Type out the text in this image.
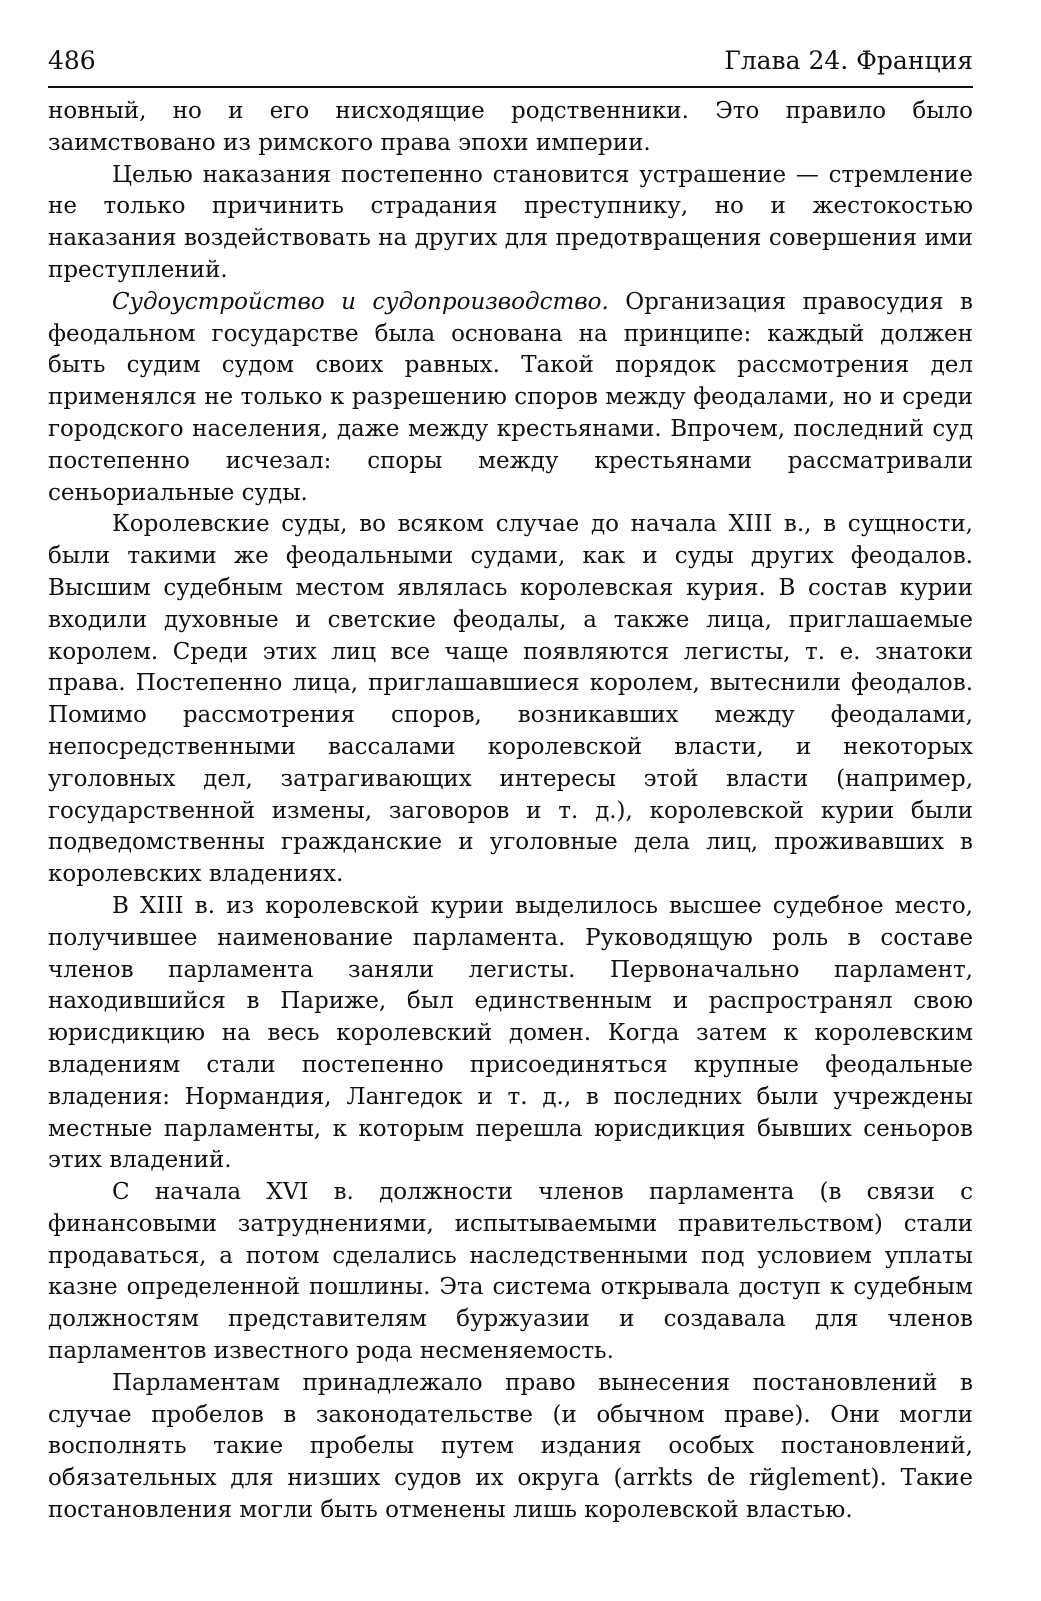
486	Глава 24. Франция

новный, но и его нисходящие родственники. Это правило было заимствовано из римского права эпохи империи.

Целью наказания постепенно становится устрашение — стремление не только причинить страдания преступнику, но и жестокостью наказания воздействовать на других для предотвращения совершения ими преступлений.

Судоустройство и судопроизводство. Организация правосудия в феодальном государстве была основана на принципе: каждый должен быть судим судом своих равных. Такой порядок рассмотрения дел применялся не только к разрешению споров между феодалами, но и среди городского населения, даже между крестьянами. Впрочем, последний суд постепенно исчезал: споры между крестьянами рассматривали сеньориальные суды.

Королевские суды, во всяком случае до начала XIII в., в сущности, были такими же феодальными судами, как и суды других феодалов. Высшим судебным местом являлась королевская курия. В состав курии входили духовные и светские феодалы, а также лица, приглашаемые королем. Среди этих лиц все чаще появляются легисты, т. е. знатоки права. Постепенно лица, приглашавшиеся королем, вытеснили феодалов. Помимо рассмотрения споров, возникавших между феодалами, непосредственными вассалами королевской власти, и некоторых уголовных дел, затрагивающих интересы этой власти (например, государственной измены, заговоров и т. д.), королевской курии были подведомственны гражданские и уголовные дела лиц, проживавших в королевских владениях.

В XIII в. из королевской курии выделилось высшее судебное место, получившее наименование парламента. Руководящую роль в составе членов парламента заняли легисты. Первоначально парламент, находившийся в Париже, был единственным и распространял свою юрисдикцию на весь королевский домен. Когда затем к королевским владениям стали постепенно присоединяться крупные феодальные владения: Нормандия, Лангедок и т. д., в последних были учреждены местные парламенты, к которым перешла юрисдикция бывших сеньоров этих владений.

С начала XVI в. должности членов парламента (в связи с финансовыми затруднениями, испытываемыми правительством) стали продаваться, а потом сделались наследственными под условием уплаты казне определенной пошлины. Эта система открывала доступ к судебным должностям представителям буржуазии и создавала для членов парламентов известного рода несменяемость.

Парламентам принадлежало право вынесения постановлений в случае пробелов в законодательстве (и обычном праве). Они могли восполнять такие пробелы путем издания особых постановлений, обязательных для низших судов их округа (arrkts de rйglement). Такие постановления могли быть отменены лишь королевской властью.
